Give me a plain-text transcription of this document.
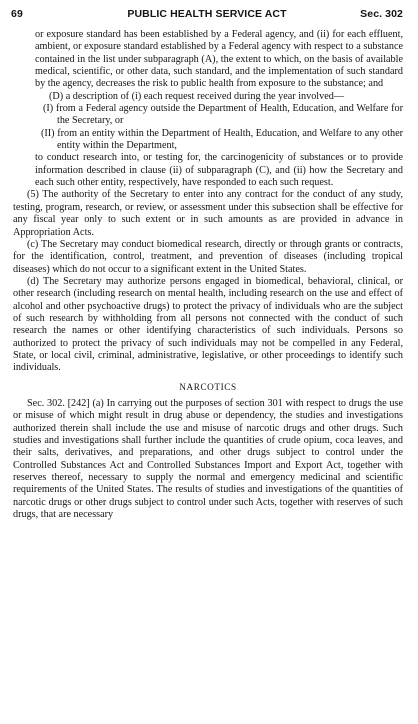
69	PUBLIC HEALTH SERVICE ACT	Sec. 302

or exposure standard has been established by a Federal agency, and (ii) for each effluent, ambient, or exposure standard established by a Federal agency with respect to a substance contained in the list under subparagraph (A), the extent to which, on the basis of available medical, scientific, or other data, such standard, and the implementation of such standard by the agency, decreases the risk to public health from exposure to the substance; and

(D) a description of (i) each request received during the year involved—

(I) from a Federal agency outside the Department of Health, Education, and Welfare for the Secretary, or

(II) from an entity within the Department of Health, Education, and Welfare to any other entity within the Department,

to conduct research into, or testing for, the carcinogenicity of substances or to provide information described in clause (ii) of subparagraph (C), and (ii) how the Secretary and each such other entity, respectively, have responded to each such request.

(5) The authority of the Secretary to enter into any contract for the conduct of any study, testing, program, research, or review, or assessment under this subsection shall be effective for any fiscal year only to such extent or in such amounts as are provided in advance in Appropriation Acts.

(c) The Secretary may conduct biomedical research, directly or through grants or contracts, for the identification, control, treatment, and prevention of diseases (including tropical diseases) which do not occur to a significant extent in the United States.

(d) The Secretary may authorize persons engaged in biomedical, behavioral, clinical, or other research (including research on mental health, including research on the use and effect of alcohol and other psychoactive drugs) to protect the privacy of individuals who are the subject of such research by withholding from all persons not connected with the conduct of such research the names or other identifying characteristics of such individuals. Persons so authorized to protect the privacy of such individuals may not be compelled in any Federal, State, or local civil, criminal, administrative, legislative, or other proceedings to identify such individuals.

NARCOTICS

Sec. 302. [242] (a) In carrying out the purposes of section 301 with respect to drugs the use or misuse of which might result in drug abuse or dependency, the studies and investigations authorized therein shall include the use and misuse of narcotic drugs and other drugs. Such studies and investigations shall further include the quantities of crude opium, coca leaves, and their salts, derivatives, and preparations, and other drugs subject to control under the Controlled Substances Act and Controlled Substances Import and Export Act, together with reserves thereof, necessary to supply the normal and emergency medicinal and scientific requirements of the United States. The results of studies and investigations of the quantities of narcotic drugs or other drugs subject to control under such Acts, together with reserves of such drugs, that are necessary
